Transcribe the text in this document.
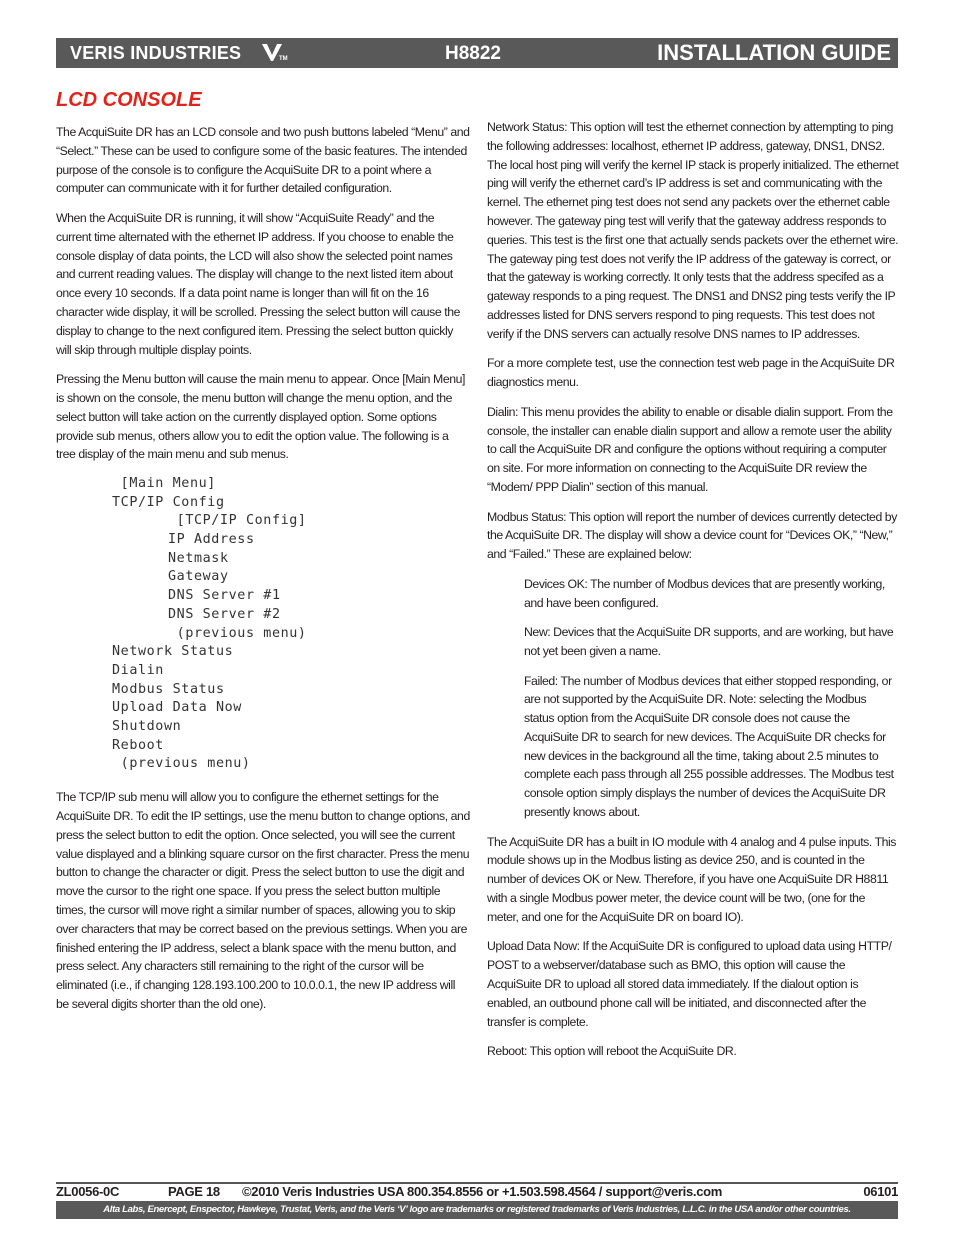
VERIS INDUSTRIES	TM	H8822	INSTALLATION GUIDE
LCD CONSOLE

The AcquiSuite DR has an LCD console and two push buttons labeled “Menu” and “Select.” These can be used to configure some of the basic features. The intended purpose of the console is to configure the AcquiSuite DR to a point where a computer can communicate with it for further detailed configuration.

When the AcquiSuite DR is running, it will show “AcquiSuite Ready” and the current time alternated with the ethernet IP address. If you choose to enable the console display of data points, the LCD will also show the selected point names and current reading values. The display will change to the next listed item about once every 10 seconds. If a data point name is longer than will fit on the 16 character wide display, it will be scrolled. Pressing the select button will cause the display to change to the next configured item. Pressing the select button quickly will skip through multiple display points.

Pressing the Menu button will cause the main menu to appear. Once [Main Menu] is shown on the console, the menu button will change the menu option, and the select button will take action on the currently displayed option. Some options provide sub menus, others allow you to edit the option value. The following is a tree display of the main menu and sub menus.

[Main Menu]
TCP/IP Config
[TCP/IP Config]
IP Address
Netmask
Gateway
DNS Server #1
DNS Server #2
(previous menu)
Network Status
Dialin
Modbus Status
Upload Data Now
Shutdown
Reboot
(previous menu)

The TCP/IP sub menu will allow you to configure the ethernet settings for the AcquiSuite DR. To edit the IP settings, use the menu button to change options, and press the select button to edit the option. Once selected, you will see the current value displayed and a blinking square cursor on the first character. Press the menu button to change the character or digit. Press the select button to use the digit and move the cursor to the right one space. If you press the select button multiple times, the cursor will move right a similar number of spaces, allowing you to skip over characters that may be correct based on the previous settings. When you are finished entering the IP address, select a blank space with the menu button, and press select. Any characters still remaining to the right of the cursor will be eliminated (i.e., if changing 128.193.100.200 to 10.0.0.1, the new IP address will be several digits shorter than the old one).

Network Status: This option will test the ethernet connection by attempting to ping the following addresses: localhost, ethernet IP address, gateway, DNS1, DNS2. The local host ping will verify the kernel IP stack is properly initialized. The ethernet ping will verify the ethernet card’s IP address is set and communicating with the kernel. The ethernet ping test does not send any packets over the ethernet cable however. The gateway ping test will verify that the gateway address responds to queries. This test is the first one that actually sends packets over the ethernet wire. The gateway ping test does not verify the IP address of the gateway is correct, or that the gateway is working correctly. It only tests that the address specifed as a gateway responds to a ping request. The DNS1 and DNS2 ping tests verify the IP addresses listed for DNS servers respond to ping requests. This test does not verify if the DNS servers can actually resolve DNS names to IP addresses.

For a more complete test, use the connection test web page in the AcquiSuite DR diagnostics menu.

Dialin: This menu provides the ability to enable or disable dialin support. From the console, the installer can enable dialin support and allow a remote user the ability to call the AcquiSuite DR and configure the options without requiring a computer on site. For more information on connecting to the AcquiSuite DR review the “Modem/ PPP Dialin” section of this manual.

Modbus Status: This option will report the number of devices currently detected by the AcquiSuite DR. The display will show a device count for “Devices OK,” “New,” and “Failed.” These are explained below:

Devices OK: The number of Modbus devices that are presently working, and have been configured.

New: Devices that the AcquiSuite DR supports, and are working, but have not yet been given a name.

Failed: The number of Modbus devices that either stopped responding, or are not supported by the AcquiSuite DR. Note: selecting the Modbus status option from the AcquiSuite DR console does not cause the AcquiSuite DR to search for new devices. The AcquiSuite DR checks for new devices in the background all the time, taking about 2.5 minutes to complete each pass through all 255 possible addresses. The Modbus test console option simply displays the number of devices the AcquiSuite DR presently knows about.

The AcquiSuite DR has a built in IO module with 4 analog and 4 pulse inputs. This module shows up in the Modbus listing as device 250, and is counted in the number of devices OK or New. Therefore, if you have one AcquiSuite DR H8811 with a single Modbus power meter, the device count will be two, (one for the meter, and one for the AcquiSuite DR on board IO).

Upload Data Now: If the AcquiSuite DR is configured to upload data using HTTP/ POST to a webserver/database such as BMO, this option will cause the AcquiSuite DR to upload all stored data immediately. If the dialout option is enabled, an outbound phone call will be initiated, and disconnected after the transfer is complete.

Reboot: This option will reboot the AcquiSuite DR.

ZL0056-0C	PAGE 18 ©2010 Veris Industries USA 800.354.8556 or +1.503.598.4564 / support@veris.com	06101
Alta Labs, Enercept, Enspector, Hawkeye, Trustat, Veris, and the Veris ‘V’ logo are trademarks or registered trademarks of Veris Industries, L.L.C. in the USA and/or other countries.
